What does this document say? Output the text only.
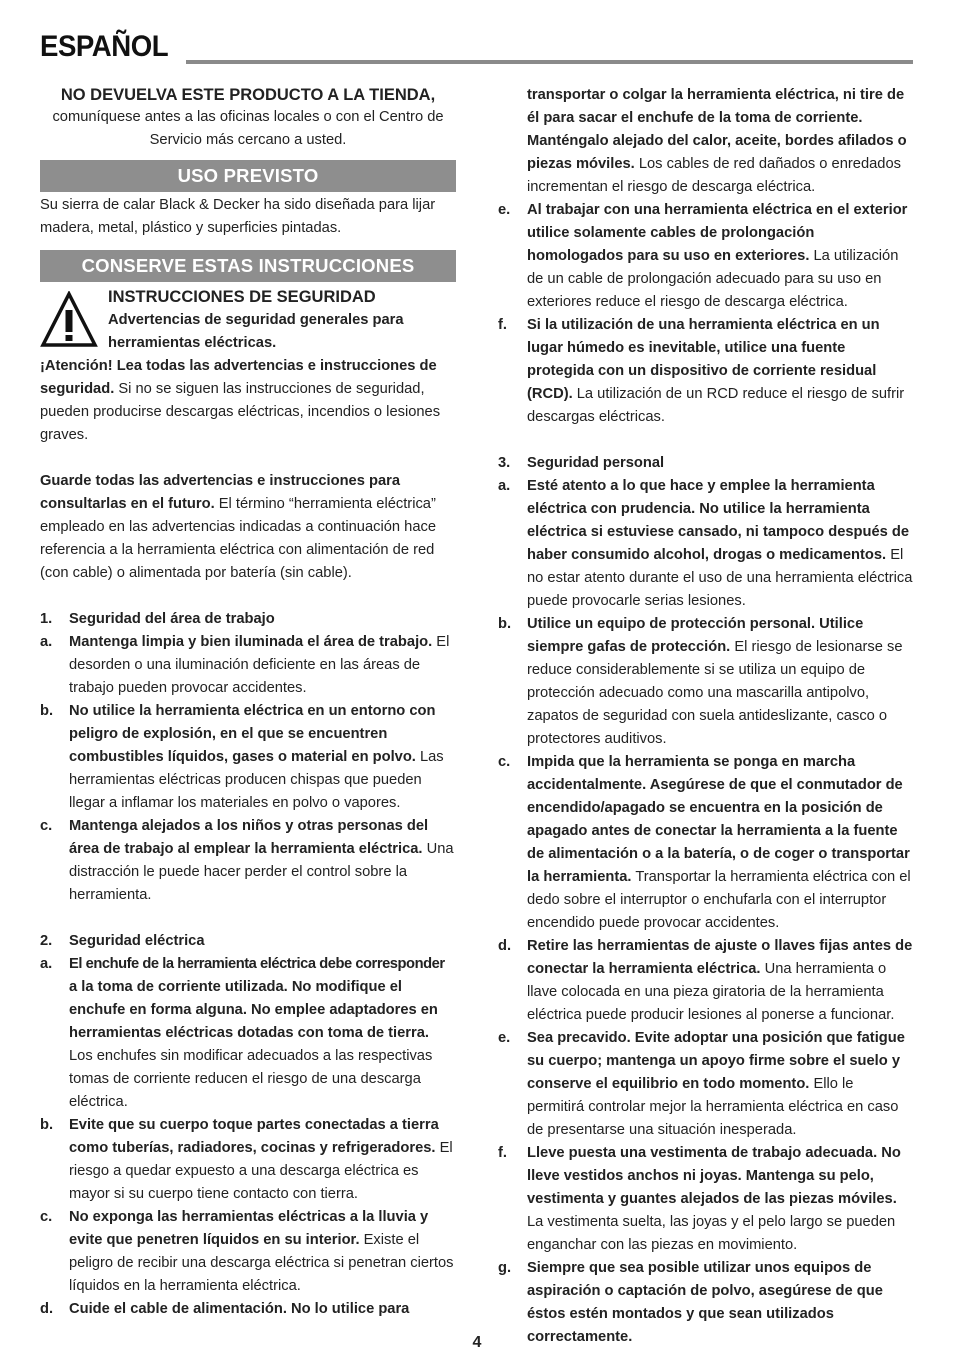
ESPAÑOL

NO DEVUELVA ESTE PRODUCTO A LA TIENDA,

comuníquese antes a las oficinas locales o con el Centro de Servicio más cercano a usted.

USO PREVISTO

Su sierra de calar Black & Decker ha sido diseñada para lijar madera, metal, plástico y superficies pintadas.

CONSERVE ESTAS INSTRUCCIONES
INSTRUCCIONES DE SEGURIDAD
Advertencias de seguridad generales para herramientas eléctricas.

¡Atención! Lea todas las advertencias e instrucciones de seguridad. Si no se siguen las instrucciones de seguridad, pueden producirse descargas eléctricas, incendios o lesiones graves.

Guarde todas las advertencias e instrucciones para consultarlas en el futuro. El término “herramienta eléctrica” empleado en las advertencias indicadas a continuación hace referencia a la herramienta eléctrica con alimentación de red (con cable) o alimentada por batería (sin cable).

1.	Seguridad del área de trabajo
a.	Mantenga limpia y bien iluminada el área de trabajo. El desorden o una iluminación deficiente en las áreas de trabajo pueden provocar accidentes.
b.	No utilice la herramienta eléctrica en un entorno con peligro de explosión, en el que se encuentren combustibles líquidos, gases o material en polvo. Las herramientas eléctricas producen chispas que pueden llegar a inflamar los materiales en polvo o vapores.
c.	Mantenga alejados a los niños y otras personas del área de trabajo al emplear la herramienta eléctrica. Una distracción le puede hacer perder el control sobre la herramienta.
2.	Seguridad eléctrica
a.	El enchufe de la herramienta eléctrica debe corresponder a la toma de corriente utilizada. No modifique el enchufe en forma alguna. No emplee adaptadores en herramientas eléctricas dotadas con toma de tierra. Los enchufes sin modificar adecuados a las respectivas tomas de corriente reducen el riesgo de una descarga eléctrica.
b.	Evite que su cuerpo toque partes conectadas a tierra como tuberías, radiadores, cocinas y refrigeradores. El riesgo a quedar expuesto a una descarga eléctrica es mayor si su cuerpo tiene contacto con tierra.
c.	No exponga las herramientas eléctricas a la lluvia y evite que penetren líquidos en su interior. Existe el peligro de recibir una descarga eléctrica si penetran ciertos líquidos en la herramienta eléctrica.
d.	Cuide el cable de alimentación. No lo utilice para
transportar o colgar la herramienta eléctrica, ni tire de él para sacar el enchufe de la toma de corriente. Manténgalo alejado del calor, aceite, bordes afilados o piezas móviles. Los cables de red dañados o enredados incrementan el riesgo de descarga eléctrica.
e.	Al trabajar con una herramienta eléctrica en el exterior utilice solamente cables de prolongación homologados para su uso en exteriores. La utilización de un cable de prolongación adecuado para su uso en exteriores reduce el riesgo de descarga eléctrica.
f.	Si la utilización de una herramienta eléctrica en un lugar húmedo es inevitable, utilice una fuente protegida con un dispositivo de corriente residual (RCD). La utilización de un RCD reduce el riesgo de sufrir descargas eléctricas.
3.	Seguridad personal
a.	Esté atento a lo que hace y emplee la herramienta eléctrica con prudencia. No utilice la herramienta eléctrica si estuviese cansado, ni tampoco después de haber consumido alcohol, drogas o medicamentos. El no estar atento durante el uso de una herramienta eléctrica puede provocarle serias lesiones.
b.	Utilice un equipo de protección personal. Utilice siempre gafas de protección. El riesgo de lesionarse se reduce considerablemente si se utiliza un equipo de protección adecuado como una mascarilla antipolvo, zapatos de seguridad con suela antideslizante, casco o protectores auditivos.
c.	Impida que la herramienta se ponga en marcha accidentalmente. Asegúrese de que el conmutador de encendido/apagado se encuentra en la posición de apagado antes de conectar la herramienta a la fuente de alimentación o a la batería, o de coger o transportar la herramienta. Transportar la herramienta eléctrica con el dedo sobre el interruptor o enchufarla con el interruptor encendido puede provocar accidentes.
d.	Retire las herramientas de ajuste o llaves fijas antes de conectar la herramienta eléctrica. Una herramienta o llave colocada en una pieza giratoria de la herramienta eléctrica puede producir lesiones al ponerse a funcionar.
e.	Sea precavido. Evite adoptar una posición que fatigue su cuerpo; mantenga un apoyo firme sobre el suelo y conserve el equilibrio en todo momento. Ello le permitirá controlar mejor la herramienta eléctrica en caso de presentarse una situación inesperada.
f.	Lleve puesta una vestimenta de trabajo adecuada. No lleve vestidos anchos ni joyas. Mantenga su pelo, vestimenta y guantes alejados de las piezas móviles. La vestimenta suelta, las joyas y el pelo largo se pueden enganchar con las piezas en movimiento.
g.	Siempre que sea posible utilizar unos equipos de aspiración o captación de polvo, asegúrese de que éstos estén montados y que sean utilizados correctamente.
4
